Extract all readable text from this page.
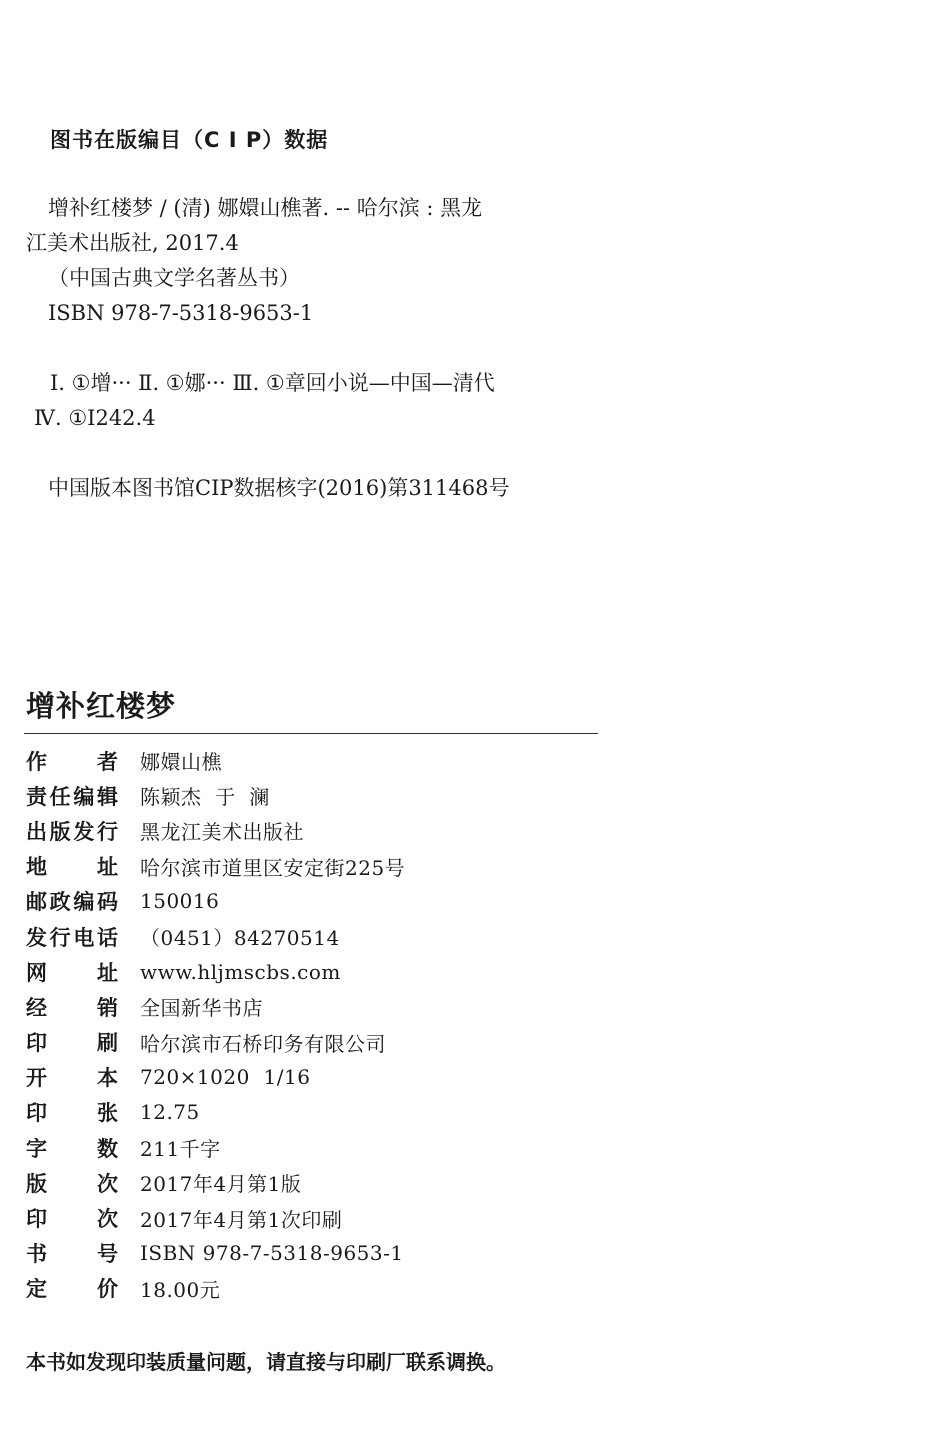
图书在版编目（C I P）数据
增补红楼梦 / (清) 娜嬛山樵著. -- 哈尔滨 : 黑龙
江美术出版社, 2017.4
（中国古典文学名著丛书）
ISBN 978-7-5318-9653-1
Ⅰ. ①增··· Ⅱ. ①娜··· Ⅲ. ①章回小说—中国—清代
Ⅳ. ①I242.4
中国版本图书馆CIP数据核字(2016)第311468号
增补红楼梦
作者 娜嬛山樵
责任编辑 陈颖杰  于  澜
出版发行 黑龙江美术出版社
地址 哈尔滨市道里区安定街225号
邮政编码 150016
发行电话 （0451）84270514
网址 www.hljmscbs.com
经销 全国新华书店
印刷 哈尔滨市石桥印务有限公司
开本 720×1020  1/16
印张 12.75
字数 211千字
版次 2017年4月第1版
印次 2017年4月第1次印刷
书号 ISBN 978-7-5318-9653-1
定价 18.00元
本书如发现印装质量问题，请直接与印刷厂联系调换。
